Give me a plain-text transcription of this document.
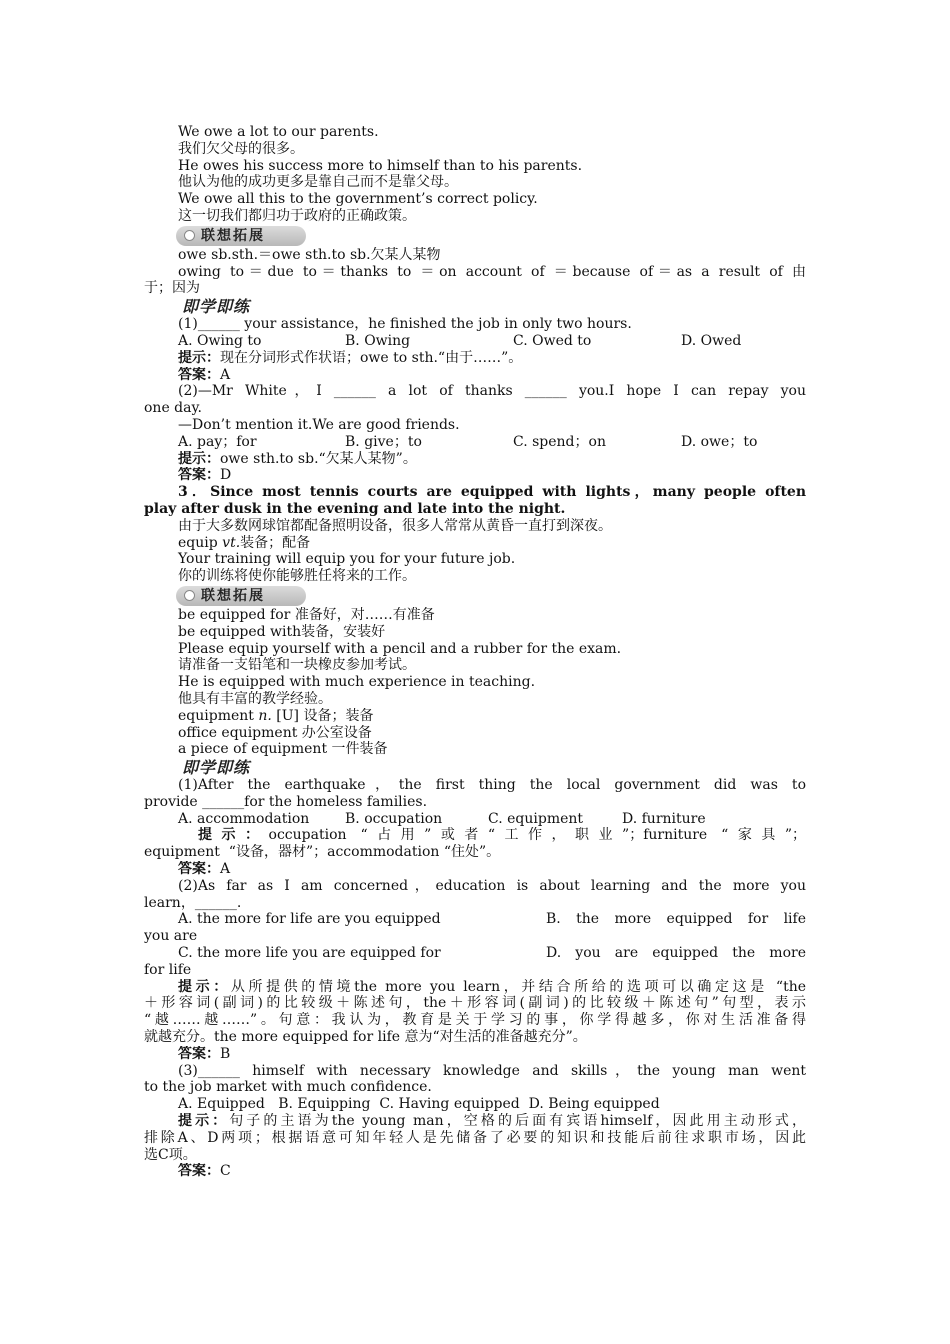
We owe a lot to our parents.
我们欠父母的很多。
He owes his success more to himself than to his parents.
他认为他的成功更多是靠自己而不是靠父母。
We owe all this to the government’s correct policy.
这一切我们都归功于政府的正确政策。
联想拓展
owe sb.sth.＝owe sth.to sb.欠某人某物
owing to＝due to＝thanks to ＝on account of ＝because of＝as a result of 由
于；因为
即学即练
(1)______ your assistance，he finished the job in only two hours.
A. Owing to	B. Owing	C. Owed to	D. Owed
提示：现在分词形式作状语；owe to sth.“由于……”。
答案：A
(2)—Mr White，I ______ a lot of thanks ______ you.I hope I can repay you
one day.
—Don’t mention it.We are good friends.
A. pay；for	B. give；to	C. spend；on	D. owe；to
提示：owe sth.to sb.“欠某人某物”。
答案：D
3．Since most tennis courts are equipped with lights，many people often
play after dusk in the evening and late into the night.
由于大多数网球馆都配备照明设备，很多人常常从黄昏一直打到深夜。
equip vt.装备；配备
Your training will equip you for your future job.
你的训练将使你能够胜任将来的工作。
联想拓展
be equipped for 准备好，对……有准备
be equipped with装备，安装好
Please equip yourself with a pencil and a rubber for the exam.
请准备一支铅笔和一块橡皮参加考试。
He is equipped with much experience in teaching.
他具有丰富的教学经验。
equipment n. [U] 设备；装备
office equipment 办公室设备
a piece of equipment 一件装备
即学即练
(1)After the earthquake，the first thing the local government did was to
provide ______for the homeless families.
A. accommodation	B. occupation	C. equipment	D. furniture
提示：occupation “占用”或者“工作，职业”；furniture “家具”；
equipment  “设备，器材”；accommodation “住处”。
答案：A
(2)As far as I am concerned，education is about learning and the more you
learn，______.
A. the more for life are you equipped	B. the more equipped for life
you are
C. the more life you are equipped for	D. you are equipped the more
for life
提示：从所提供的情境the more you learn，并结合所给的选项可以确定这是 “the
＋形容词(副词)的比较级＋陈述句，the＋形容词(副词)的比较级＋陈述句”句型，表示
“越……越……”。句意：我认为，教育是关于学习的事，你学得越多，你对生活准备得
就越充分。the more equipped for life 意为“对生活的准备越充分”。
答案：B
(3)______ himself with necessary knowledge and skills，the young man went
to the job market with much confidence.
A. Equipped   B. Equipping  C. Having equipped  D. Being equipped
提示：句子的主语为the young man，空格的后面有宾语himself，因此用主动形式，
排除A、D两项；根据语意可知年轻人是先储备了必要的知识和技能后前往求职市场，因此
选C项。
答案：C
